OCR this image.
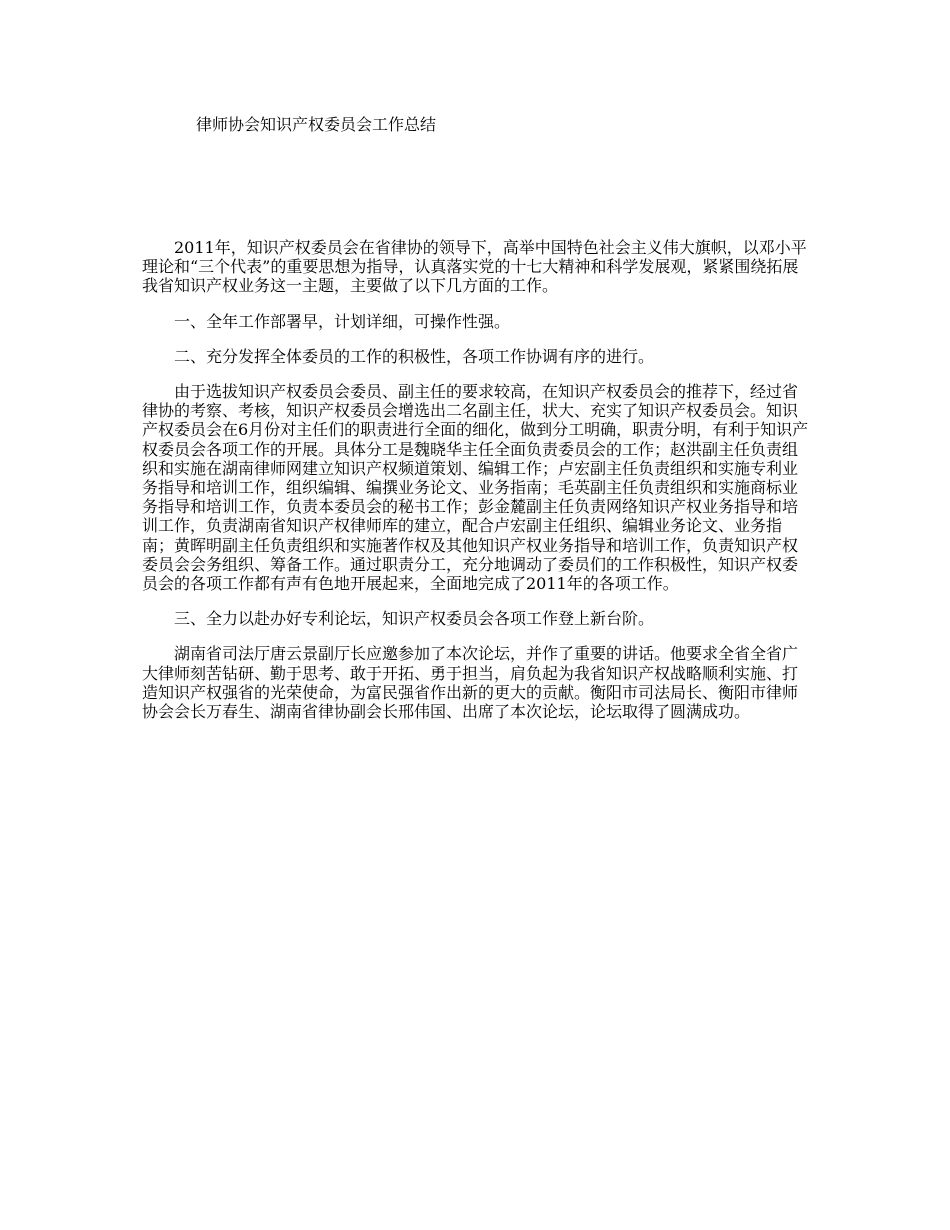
律师协会知识产权委员会工作总结

2011年，知识产权委员会在省律协的领导下，高举中国特色社会主义伟大旗帜，以邓小平理论和“三个代表”的重要思想为指导，认真落实党的十七大精神和科学发展观，紧紧围绕拓展我省知识产权业务这一主题，主要做了以下几方面的工作。

一、全年工作部署早，计划详细，可操作性强。

二、充分发挥全体委员的工作的积极性，各项工作协调有序的进行。

由于选拔知识产权委员会委员、副主任的要求较高，在知识产权委员会的推荐下，经过省律协的考察、考核，知识产权委员会增选出二名副主任，状大、充实了知识产权委员会。知识产权委员会在6月份对主任们的职责进行全面的细化，做到分工明确，职责分明，有利于知识产权委员会各项工作的开展。具体分工是魏晓华主任全面负责委员会的工作；赵洪副主任负责组织和实施在湖南律师网建立知识产权频道策划、编辑工作；卢宏副主任负责组织和实施专利业务指导和培训工作，组织编辑、编撰业务论文、业务指南；毛英副主任负责组织和实施商标业务指导和培训工作，负责本委员会的秘书工作；彭金麓副主任负责网络知识产权业务指导和培训工作，负责湖南省知识产权律师库的建立，配合卢宏副主任组织、编辑业务论文、业务指南；黄晖明副主任负责组织和实施著作权及其他知识产权业务指导和培训工作，负责知识产权委员会会务组织、筹备工作。通过职责分工，充分地调动了委员们的工作积极性，知识产权委员会的各项工作都有声有色地开展起来，全面地完成了2011年的各项工作。

三、全力以赴办好专利论坛，知识产权委员会各项工作登上新台阶。

湖南省司法厅唐云景副厅长应邀参加了本次论坛，并作了重要的讲话。他要求全省全省广大律师刻苦钻研、勤于思考、敢于开拓、勇于担当，肩负起为我省知识产权战略顺利实施、打造知识产权强省的光荣使命，为富民强省作出新的更大的贡献。衡阳市司法局长、衡阳市律师协会会长万春生、湖南省律协副会长邢伟国、出席了本次论坛，论坛取得了圆满成功。
